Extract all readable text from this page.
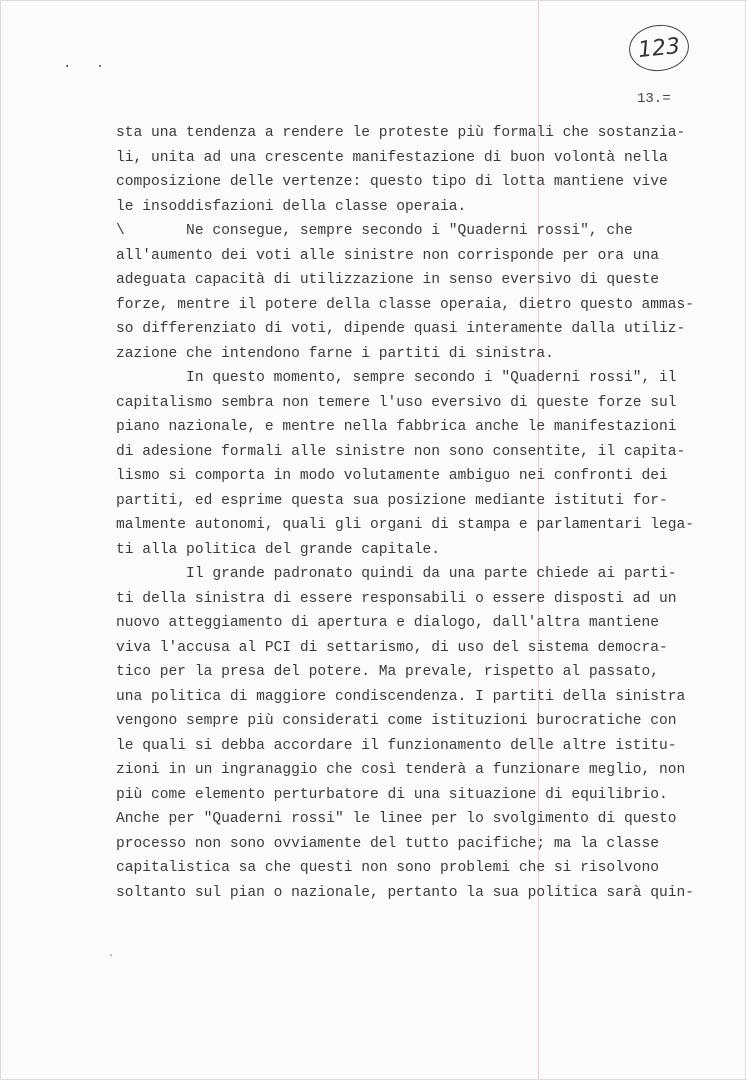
123
. .
13.=
sta una tendenza a rendere le proteste più formali che sostanzia-
li, unita ad una crescente manifestazione di buon volontà nella
composizione delle vertenze: questo tipo di lotta mantiene vive
le insoddisfazioni della classe operaia.
\       Ne consegue, sempre secondo i "Quaderni rossi", che
all'aumento dei voti alle sinistre non corrisponde per ora una
adeguata capacità di utilizzazione in senso eversivo di queste
forze, mentre il potere della classe operaia, dietro questo ammas-
so differenziato di voti, dipende quasi interamente dalla utiliz-
zazione che intendono farne i partiti di sinistra.
In questo momento, sempre secondo i "Quaderni rossi", il
capitalismo sembra non temere l'uso eversivo di queste forze sul
piano nazionale, e mentre nella fabbrica anche le manifestazioni
di adesione formali alle sinistre non sono consentite, il capita-
lismo si comporta in modo volutamente ambiguo nei confronti dei
partiti, ed esprime questa sua posizione mediante istituti for-
malmente autonomi, quali gli organi di stampa e parlamentari lega-
ti alla politica del grande capitale.
Il grande padronato quindi da una parte chiede ai parti-
ti della sinistra di essere responsabili o essere disposti ad un
nuovo atteggiamento di apertura e dialogo, dall'altra mantiene
viva l'accusa al PCI di settarismo, di uso del sistema democra-
tico per la presa del potere. Ma prevale, rispetto al passato,
una politica di maggiore condiscendenza. I partiti della sinistra
vengono sempre più considerati come istituzioni burocratiche con
le quali si debba accordare il funzionamento delle altre istitu-
zioni in un ingranaggio che così tenderà a funzionare meglio, non
più come elemento perturbatore di una situazione di equilibrio.
Anche per "Quaderni rossi" le linee per lo svolgimento di questo
processo non sono ovviamente del tutto pacifiche; ma la classe
capitalistica sa che questi non sono problemi che si risolvono
soltanto sul pian o nazionale, pertanto la sua politica sarà quin-
·
